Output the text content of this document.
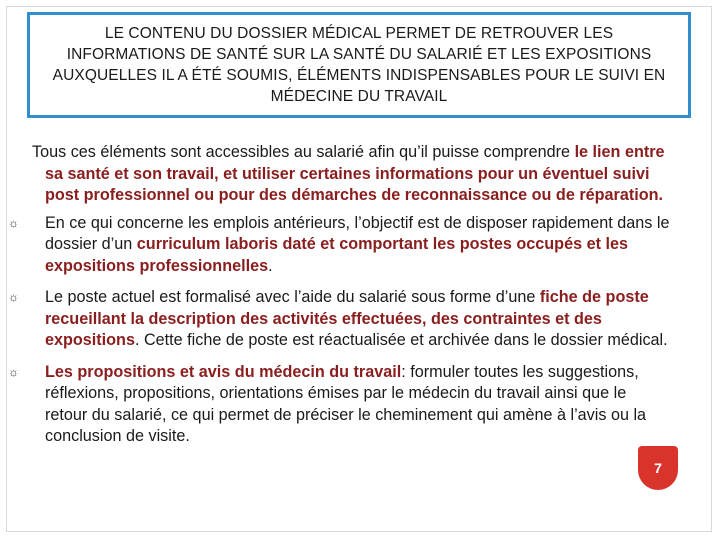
LE CONTENU DU DOSSIER MÉDICAL PERMET DE RETROUVER LES INFORMATIONS DE SANTÉ SUR LA SANTÉ DU SALARIÉ ET LES EXPOSITIONS AUXQUELLES IL A ÉTÉ SOUMIS, ÉLÉMENTS INDISPENSABLES POUR LE SUIVI EN MÉDECINE DU TRAVAIL

Tous ces éléments sont accessibles au salarié afin qu’il puisse comprendre le lien entre sa santé et son travail, et utiliser certaines informations pour un éventuel suivi post professionnel ou pour des démarches de reconnaissance ou de réparation.

☼ En ce qui concerne les emplois antérieurs, l’objectif est de disposer rapidement dans le dossier d’un curriculum laboris daté et comportant les postes occupés et les expositions professionnelles.
☼ Le poste actuel est formalisé avec l’aide du salarié sous forme d’une fiche de poste recueillant la description des activités effectuées, des contraintes et des expositions. Cette fiche de poste est réactualisée et archivée dans le dossier médical.
☼ Les propositions et avis du médecin du travail: formuler toutes les suggestions, réflexions, propositions, orientations émises par le médecin du travail ainsi que le retour du salarié, ce qui permet de préciser le cheminement qui amène à l’avis ou la conclusion de visite.
7
